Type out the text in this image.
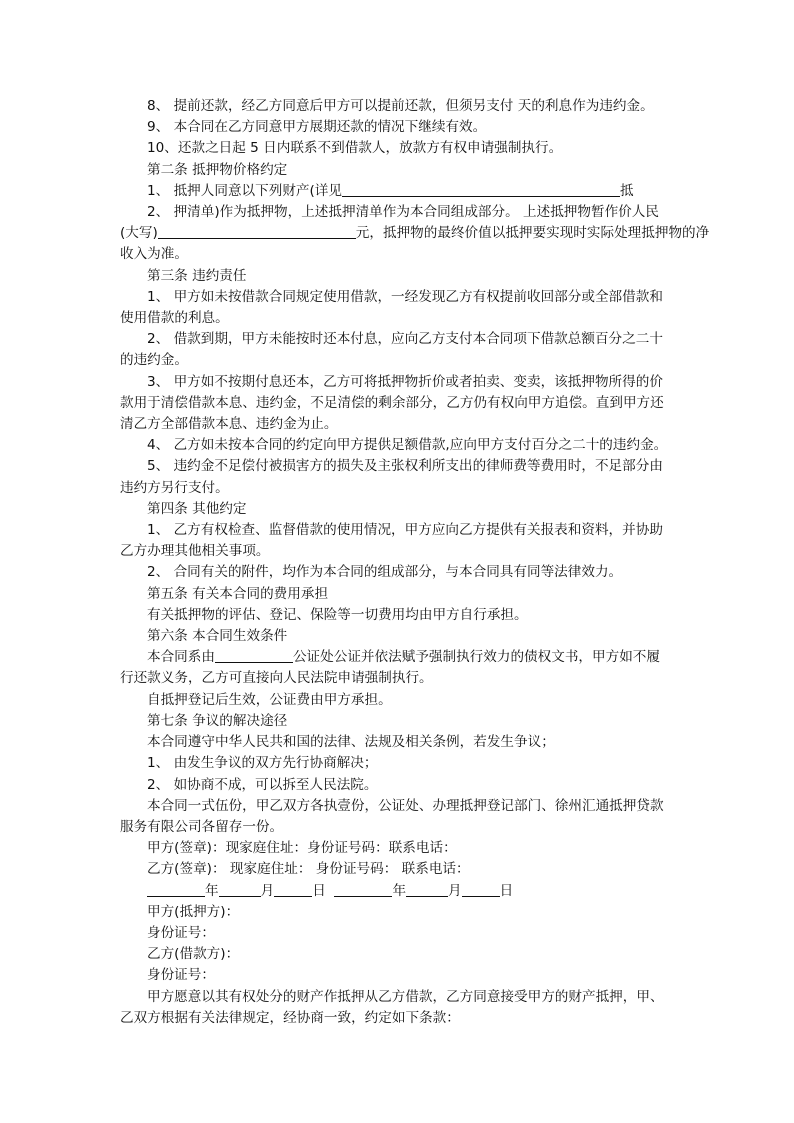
8、 提前还款，经乙方同意后甲方可以提前还款，但须另支付 天的利息作为违约金。

9、 本合同在乙方同意甲方展期还款的情况下继续有效。

10、还款之日起 5 日内联系不到借款人，放款方有权申请强制执行。

第二条 抵押物价格约定

1、 抵押人同意以下列财产(详见	抵

2、 押清单)作为抵押物，上述抵押清单作为本合同组成部分。 上述抵押物暂作价人民

(大写)	元，抵押物的最终价值以抵押要实现时实际处理抵押物的净

收入为准。

第三条 违约责任

1、 甲方如未按借款合同规定使用借款，一经发现乙方有权提前收回部分或全部借款和

使用借款的利息。

2、 借款到期，甲方未能按时还本付息，应向乙方支付本合同项下借款总额百分之二十

的违约金。

3、 甲方如不按期付息还本，乙方可将抵押物折价或者拍卖、变卖，该抵押物所得的价

款用于清偿借款本息、违约金，不足清偿的剩余部分，乙方仍有权向甲方追偿。直到甲方还

清乙方全部借款本息、违约金为止。

4、 乙方如未按本合同的约定向甲方提供足额借款,应向甲方支付百分之二十的违约金。

5、 违约金不足偿付被损害方的损失及主张权利所支出的律师费等费用时，不足部分由

违约方另行支付。

第四条 其他约定

1、 乙方有权检查、监督借款的使用情况，甲方应向乙方提供有关报表和资料，并协助

乙方办理其他相关事项。

2、 合同有关的附件，均作为本合同的组成部分，与本合同具有同等法律效力。

第五条 有关本合同的费用承担

有关抵押物的评估、登记、保险等一切费用均由甲方自行承担。

第六条 本合同生效条件

本合同系由	公证处公证并依法赋予强制执行效力的债权文书，甲方如不履

行还款义务，乙方可直接向人民法院申请强制执行。

自抵押登记后生效，公证费由甲方承担。

第七条 争议的解决途径

本合同遵守中华人民共和国的法律、法规及相关条例，若发生争议；

1、 由发生争议的双方先行协商解决；

2、 如协商不成，可以拆至人民法院。

本合同一式伍份，甲乙双方各执壹份，公证处、办理抵押登记部门、徐州汇通抵押贷款

服务有限公司各留存一份。

甲方(签章)：现家庭住址：身份证号码：联系电话：

乙方(签章)： 现家庭住址： 身份证号码： 联系电话：

年	月	日	年	月	日

甲方(抵押方)：

身份证号：

乙方(借款方)：

身份证号：

甲方愿意以其有权处分的财产作抵押从乙方借款，乙方同意接受甲方的财产抵押，甲、

乙双方根据有关法律规定，经协商一致，约定如下条款：
